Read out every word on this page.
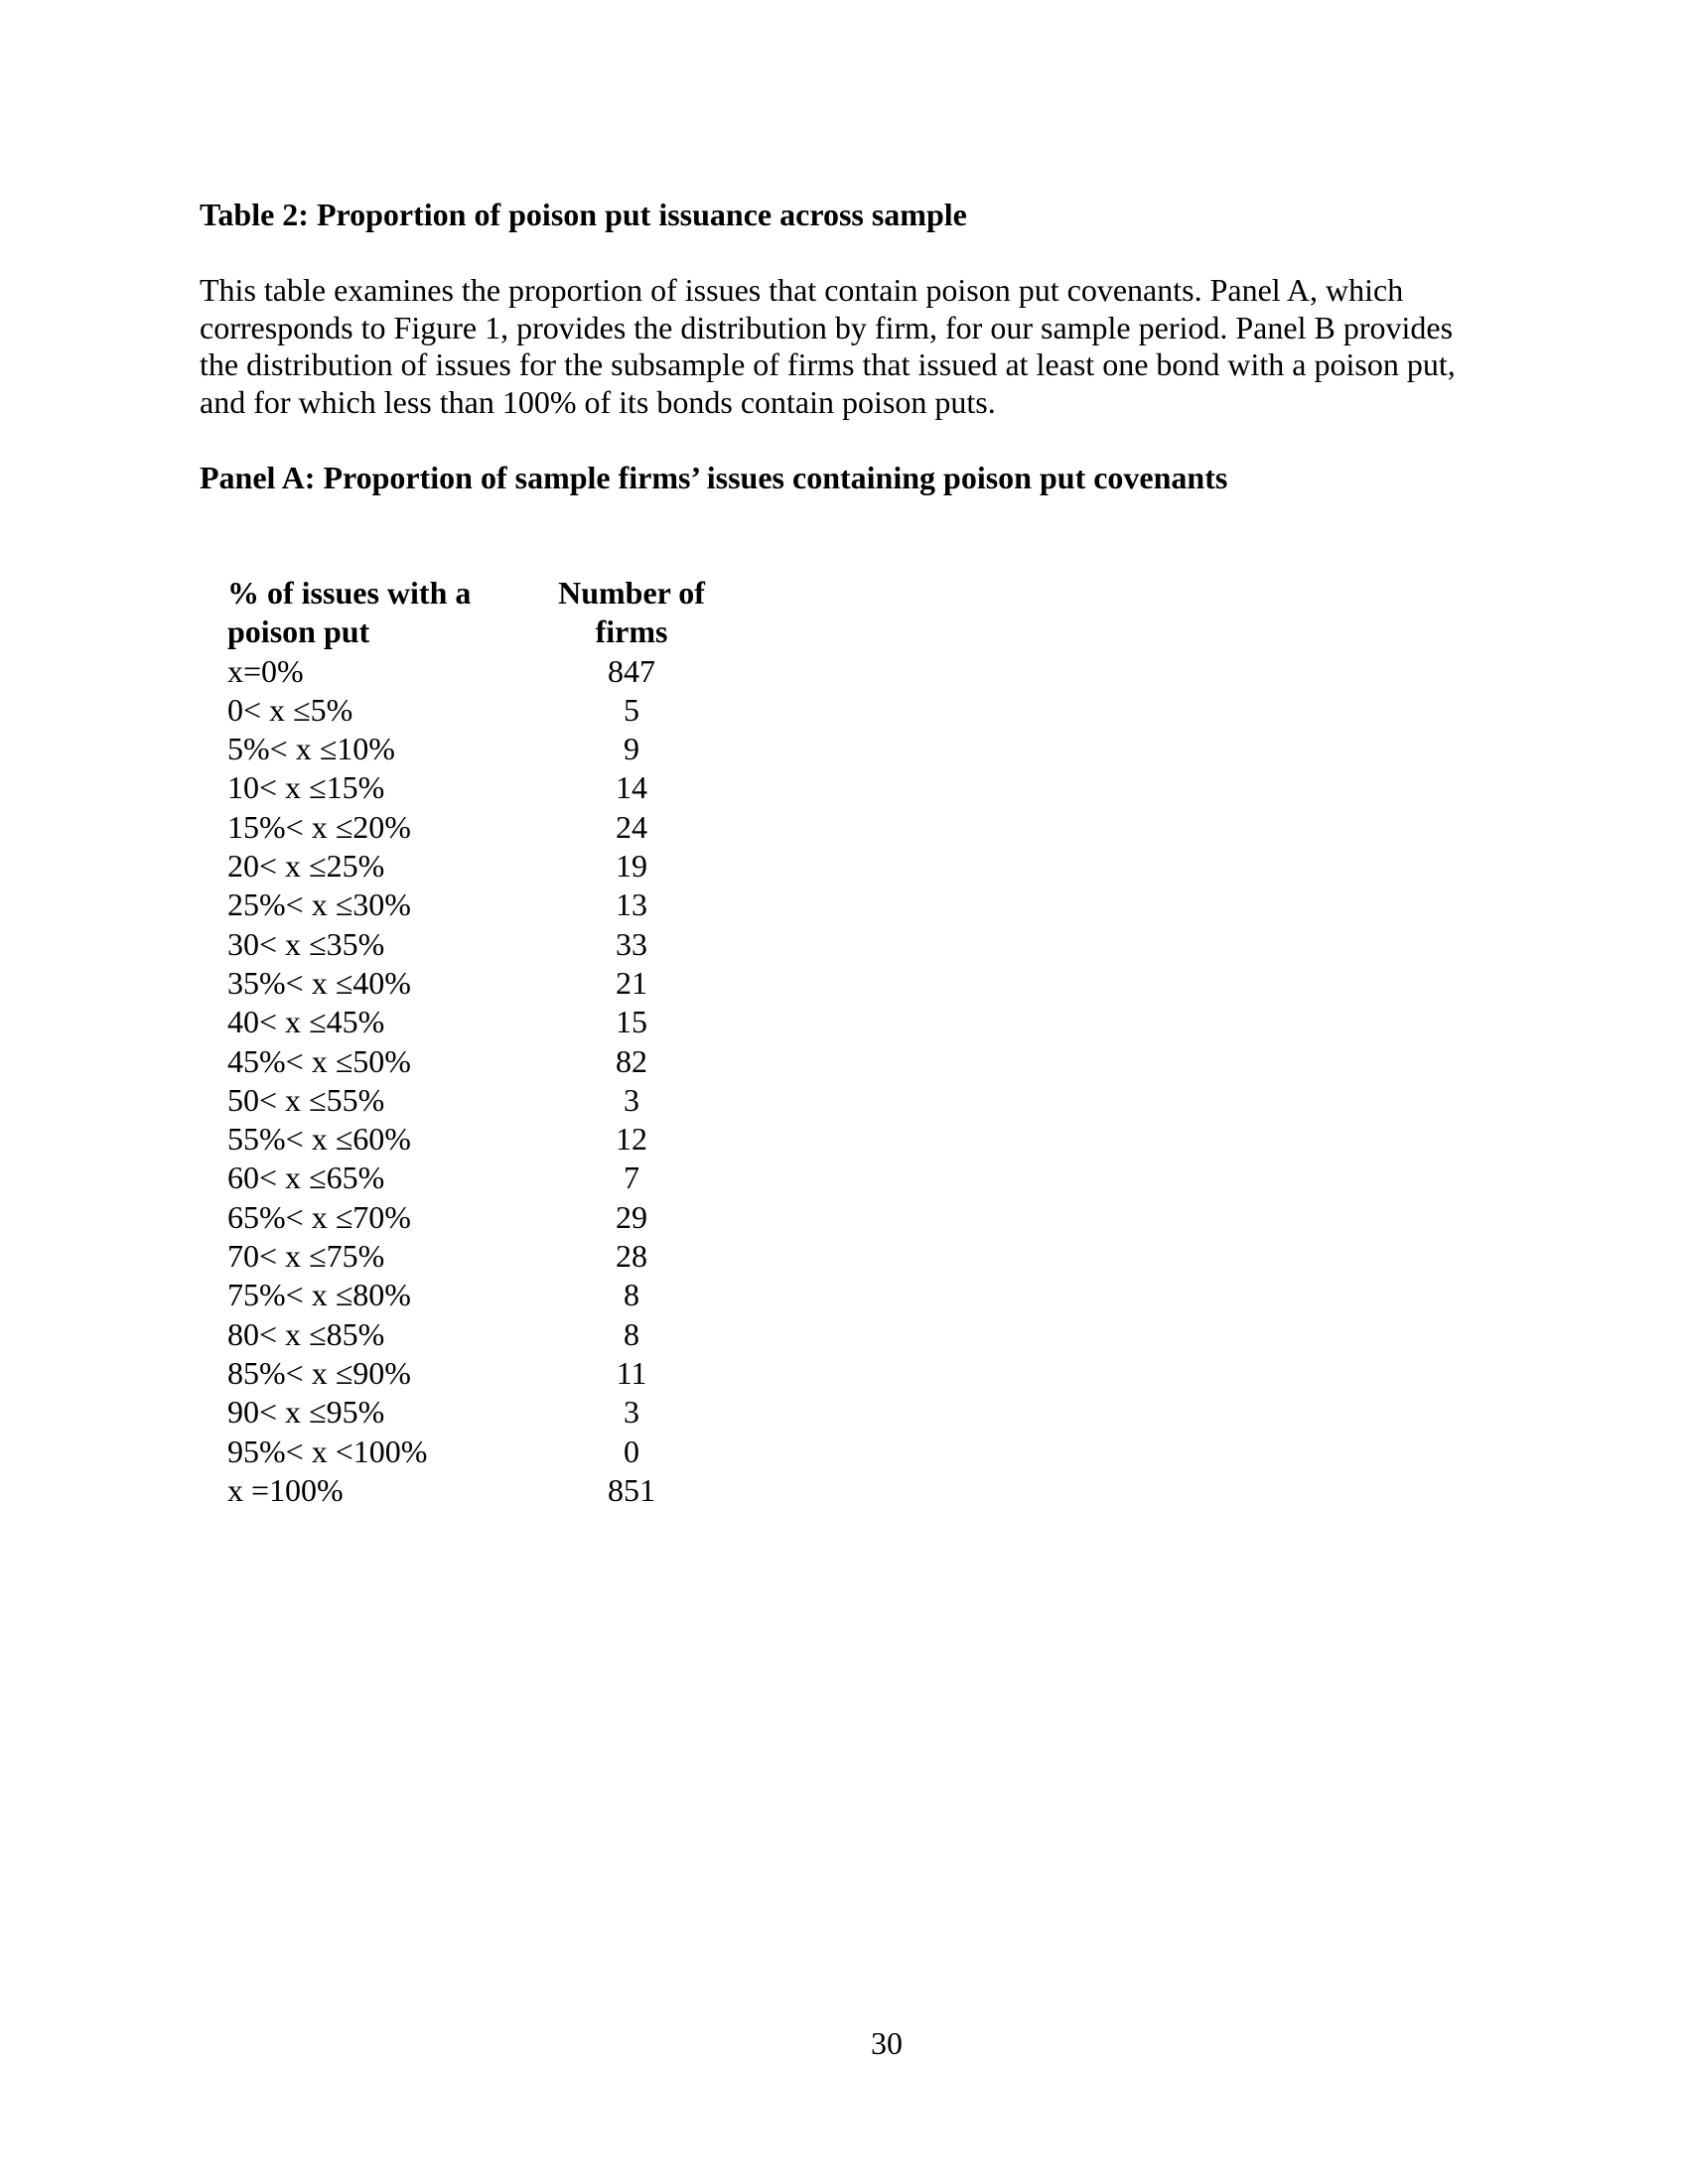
Table 2: Proportion of poison put issuance across sample

This table examines the proportion of issues that contain poison put covenants. Panel A, which corresponds to Figure 1, provides the distribution by firm, for our sample period. Panel B provides the distribution of issues for the subsample of firms that issued at least one bond with a poison put, and for which less than 100% of its bonds contain poison puts.

Panel A: Proportion of sample firms’ issues containing poison put covenants
% of issues with a	Number of
poison put	firms
x=0%	847
0< x ≤5%	5
5%< x ≤10%	9
10< x ≤15%	14
15%< x ≤20%	24
20< x ≤25%	19
25%< x ≤30%	13
30< x ≤35%	33
35%< x ≤40%	21
40< x ≤45%	15
45%< x ≤50%	82
50< x ≤55%	3
55%< x ≤60%	12
60< x ≤65%	7
65%< x ≤70%	29
70< x ≤75%	28
75%< x ≤80%	8
80< x ≤85%	8
85%< x ≤90%	11
90< x ≤95%	3
95%< x <100%	0
x =100%	851
30
